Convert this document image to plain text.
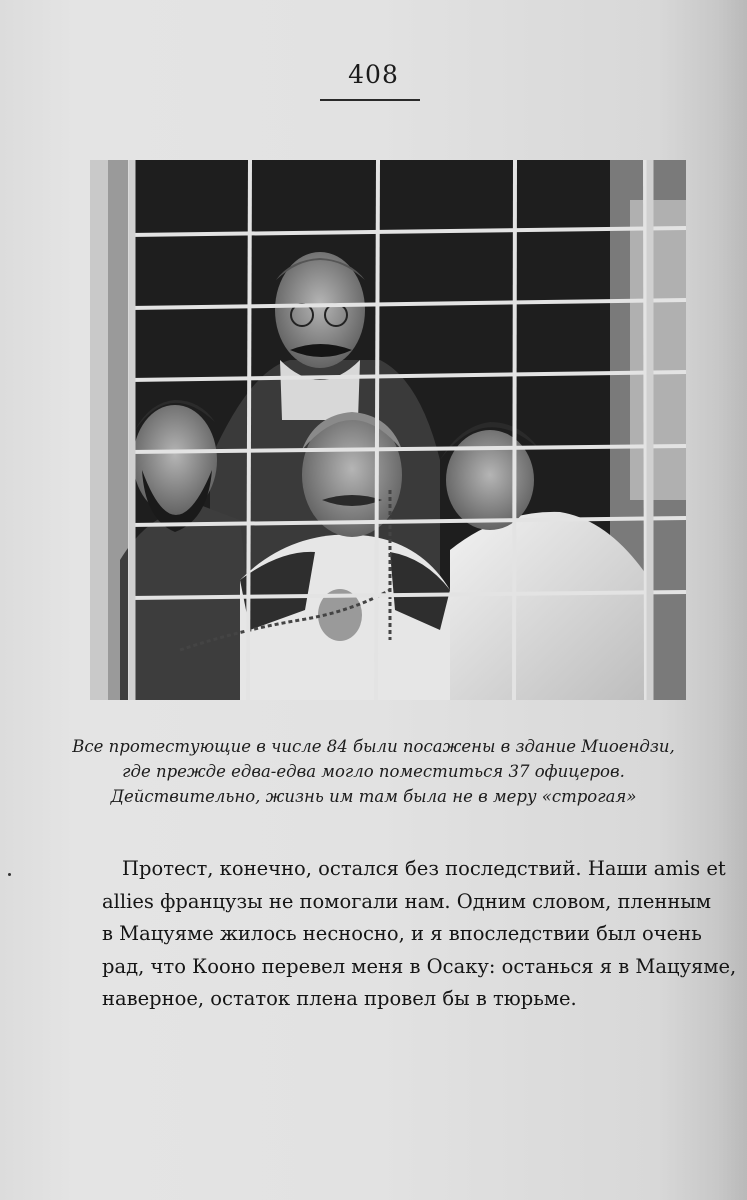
408
Все протестующие в числе 84 были посажены в здание Миоендзи,
где прежде едва-едва могло поместиться 37 офицеров.
Действительно, жизнь им там была не в меру «строгая»
Протест, конечно, остался без последствий. Наши amis et
allies французы не помогали нам. Одним словом, пленным
в Мацуяме жилось несносно, и я впоследствии был очень
рад, что Кооно перевел меня в Осаку: останься я в Мацуяме,
наверное, остаток плена провел бы в тюрьме.
